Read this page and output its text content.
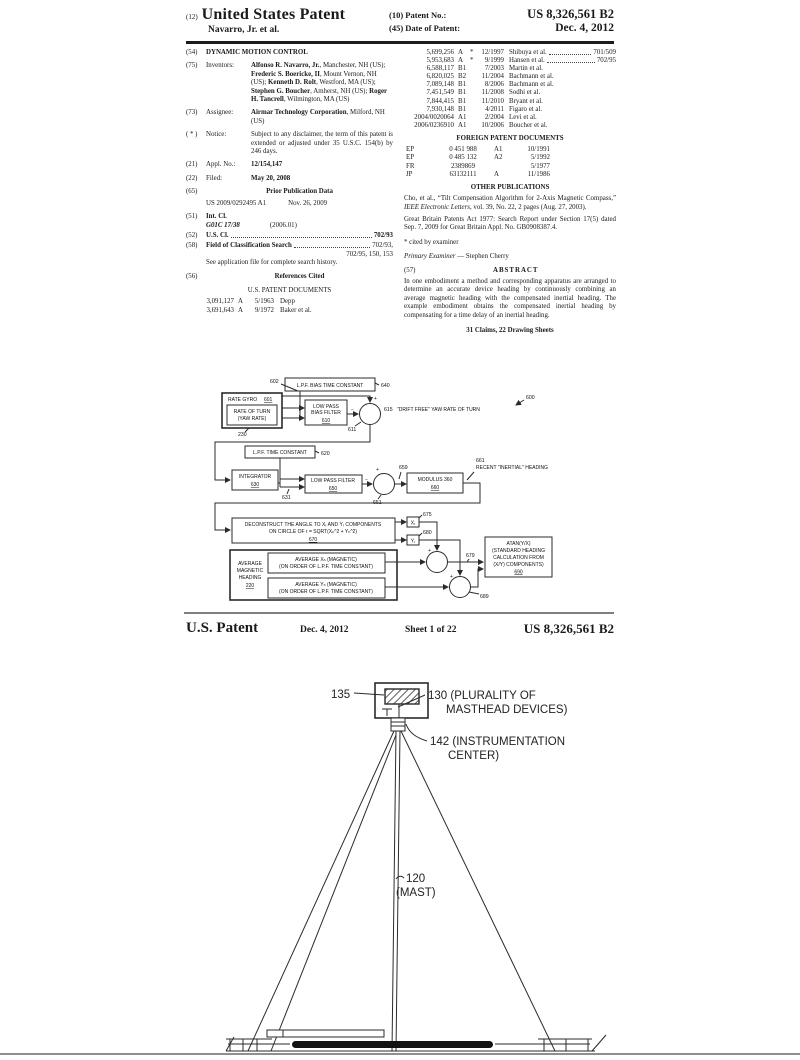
(12) United States Patent
Navarro, Jr. et al.
(10) Patent No.:	US 8,326,561 B2
(45) Date of Patent:	Dec. 4, 2012
(54)	DYNAMIC MOTION CONTROL
(75)	Inventors:	Alfonso R. Navarro, Jr., Manchester, NH (US); Frederic S. Boericke, II, Mount Vernon, NH (US); Kenneth D. Rolt, Westford, MA (US); Stephen G. Boucher, Amherst, NH (US); Roger H. Tancrell, Wilmington, MA (US)
(73)	Assignee:	Airmar Technology Corporation, Milford, NH (US)
( * )	Notice:	Subject to any disclaimer, the term of this patent is extended or adjusted under 35 U.S.C. 154(b) by 246 days.
(21)	Appl. No.:	12/154,147
(22)	Filed:	May 20, 2008
(65)	Prior Publication Data
US 2009/0292495 A1	Nov. 26, 2009
(51)	Int. Cl.
G01C 17/38	(2006.01)
(52)	U.S. Cl.	702/93
(58)	Field of Classification Search	702/93,
702/95, 150, 153
See application file for complete search history.
(56)	References Cited
U.S. PATENT DOCUMENTS
3,091,127 A	5/1963 Depp
3,691,643 A	9/1972 Baker et al.
5,699,256 A	*	12/1997 Shibuya et al.	701/509
5,953,683 A	*	9/1999 Hansen et al.	702/95
6,588,117 B1	7/2003 Martin et al.
6,820,025 B2	11/2004 Bachmann et al.
7,089,148 B1	8/2006 Bachmann et al.
7,451,549 B1	11/2008 Sodhi et al.
7,844,415 B1	11/2010 Bryant et al.
7,930,148 B1	4/2011 Figaro et al.
2004/0020064 A1	2/2004 Levi et al.
2006/0236910 A1	10/2006 Boucher et al.
FOREIGN PATENT DOCUMENTS
EP	0 451 988	A1	10/1991
EP	0 485 132	A2	5/1992
FR	2389869	5/1977
JP	63132111	A	11/1986
OTHER PUBLICATIONS
Cho, et al., “Tilt Compensation Algorithm for 2-Axis Magnetic Compass,” IEEE Electronic Letters, vol. 39, No. 22, 2 pages (Aug. 27, 2003).
Great Britain Patents Act 1977: Search Report under Section 17(5) dated Sep. 7, 2009 for Great Britain Appl. No. GB0908387.4.
* cited by examiner
Primary Examiner — Stephen Cherry
(57)	ABSTRACT
In one embodiment a method and corresponding apparatus are arranged to determine an accurate device heading by continuously combining an average magnetic heading with the compensated inertial heading. The example embodiment obtains the compensated inertial heading by compensating for a time delay of an inertial heading.
31 Claims, 22 Drawing Sheets
L.P.F. BIAS TIME CONSTANT
602
640
RATE GYRO 601
RATE OF TURN
(YAW RATE)
230
LOW PASS
BIAS FILTER
610
+
−
611
615 "DRIFT FREE" YAW RATE OF TURN
600
L.P.F. TIME CONSTANT	620
INTEGRATOR
630
631
LOW PASS FILTER
650
+
−
651
659
MODULUS 360
660
661
RECENT "INERTIAL" HEADING
DECONSTRUCT THE ANGLE TO Xᵣ AND Yᵣ COMPONENTS
ON CIRCLE OF r = SQRT(Xₕ^2 + Yₕ^2)
670
Xᵣ
Yᵣ
675
680
AVERAGE
MAGNETIC
HEADING
220
AVERAGE Xₕ (MAGNETIC)
(ON ORDER OF L.P.F. TIME CONSTANT)
AVERAGE Yₕ (MAGNETIC)
(ON ORDER OF L.P.F. TIME CONSTANT)
+
+
679
689
ATAN(Y/X)
(STANDARD HEADING
CALCULATION FROM
(X/Y) COMPONENTS)
690
U.S. Patent	Dec. 4, 2012	Sheet 1 of 22	US 8,326,561 B2
135	130 (PLURALITY OF
MASTHEAD DEVICES)
142 (INSTRUMENTATION
CENTER)
120
(MAST)
